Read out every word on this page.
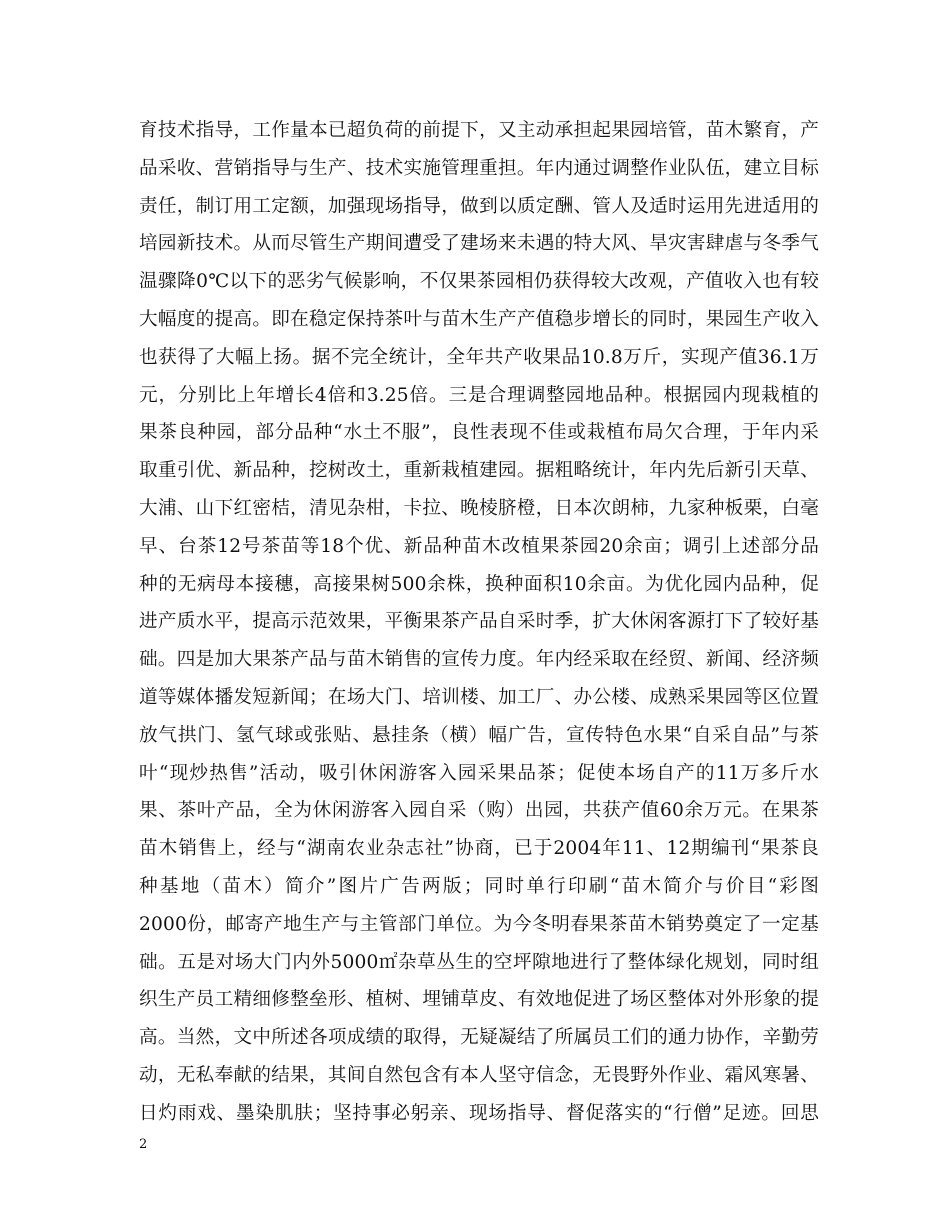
育技术指导，工作量本已超负荷的前提下，又主动承担起果园培管，苗木繁育，产
品采收、营销指导与生产、技术实施管理重担。年内通过调整作业队伍，建立目标
责任，制订用工定额，加强现场指导，做到以质定酬、管人及适时运用先进适用的
培园新技术。从而尽管生产期间遭受了建场来未遇的特大风、旱灾害肆虐与冬季气
温骤降0℃以下的恶劣气候影响，不仅果茶园相仍获得较大改观，产值收入也有较
大幅度的提高。即在稳定保持茶叶与苗木生产产值稳步增长的同时，果园生产收入
也获得了大幅上扬。据不完全统计，全年共产收果品10.8万斤，实现产值36.1万
元，分别比上年增长4倍和3.25倍。三是合理调整园地品种。根据园内现栽植的
果茶良种园，部分品种“水土不服”，良性表现不佳或栽植布局欠合理，于年内采
取重引优、新品种，挖树改土，重新栽植建园。据粗略统计，年内先后新引天草、
大浦、山下红密桔，清见杂柑，卡拉、晚棱脐橙，日本次朗柿，九家种板栗，白毫
早、台茶12号茶苗等18个优、新品种苗木改植果茶园20余亩；调引上述部分品
种的无病母本接穗，高接果树500余株，换种面积10余亩。为优化园内品种，促
进产质水平，提高示范效果，平衡果茶产品自采时季，扩大休闲客源打下了较好基
础。四是加大果茶产品与苗木销售的宣传力度。年内经采取在经贸、新闻、经济频
道等媒体播发短新闻；在场大门、培训楼、加工厂、办公楼、成熟采果园等区位置
放气拱门、氢气球或张贴、悬挂条（横）幅广告，宣传特色水果“自采自品”与茶
叶“现炒热售”活动，吸引休闲游客入园采果品茶；促使本场自产的11万多斤水
果、茶叶产品，全为休闲游客入园自采（购）出园，共获产值60余万元。在果茶
苗木销售上，经与“湖南农业杂志社”协商，已于2004年11、12期编刊“果茶良
种基地（苗木）简介”图片广告两版；同时单行印刷“苗木简介与价目“彩图
2000份，邮寄产地生产与主管部门单位。为今冬明春果茶苗木销势奠定了一定基
础。五是对场大门内外5000㎡杂草丛生的空坪隙地进行了整体绿化规划，同时组
织生产员工精细修整垒形、植树、埋铺草皮、有效地促进了场区整体对外形象的提
高。当然，文中所述各项成绩的取得，无疑凝结了所属员工们的通力协作，辛勤劳
动，无私奉献的结果，其间自然包含有本人坚守信念，无畏野外作业、霜风寒暑、
日灼雨戏、墨染肌肤；坚持事必躬亲、现场指导、督促落实的“行僧”足迹。回思
2
